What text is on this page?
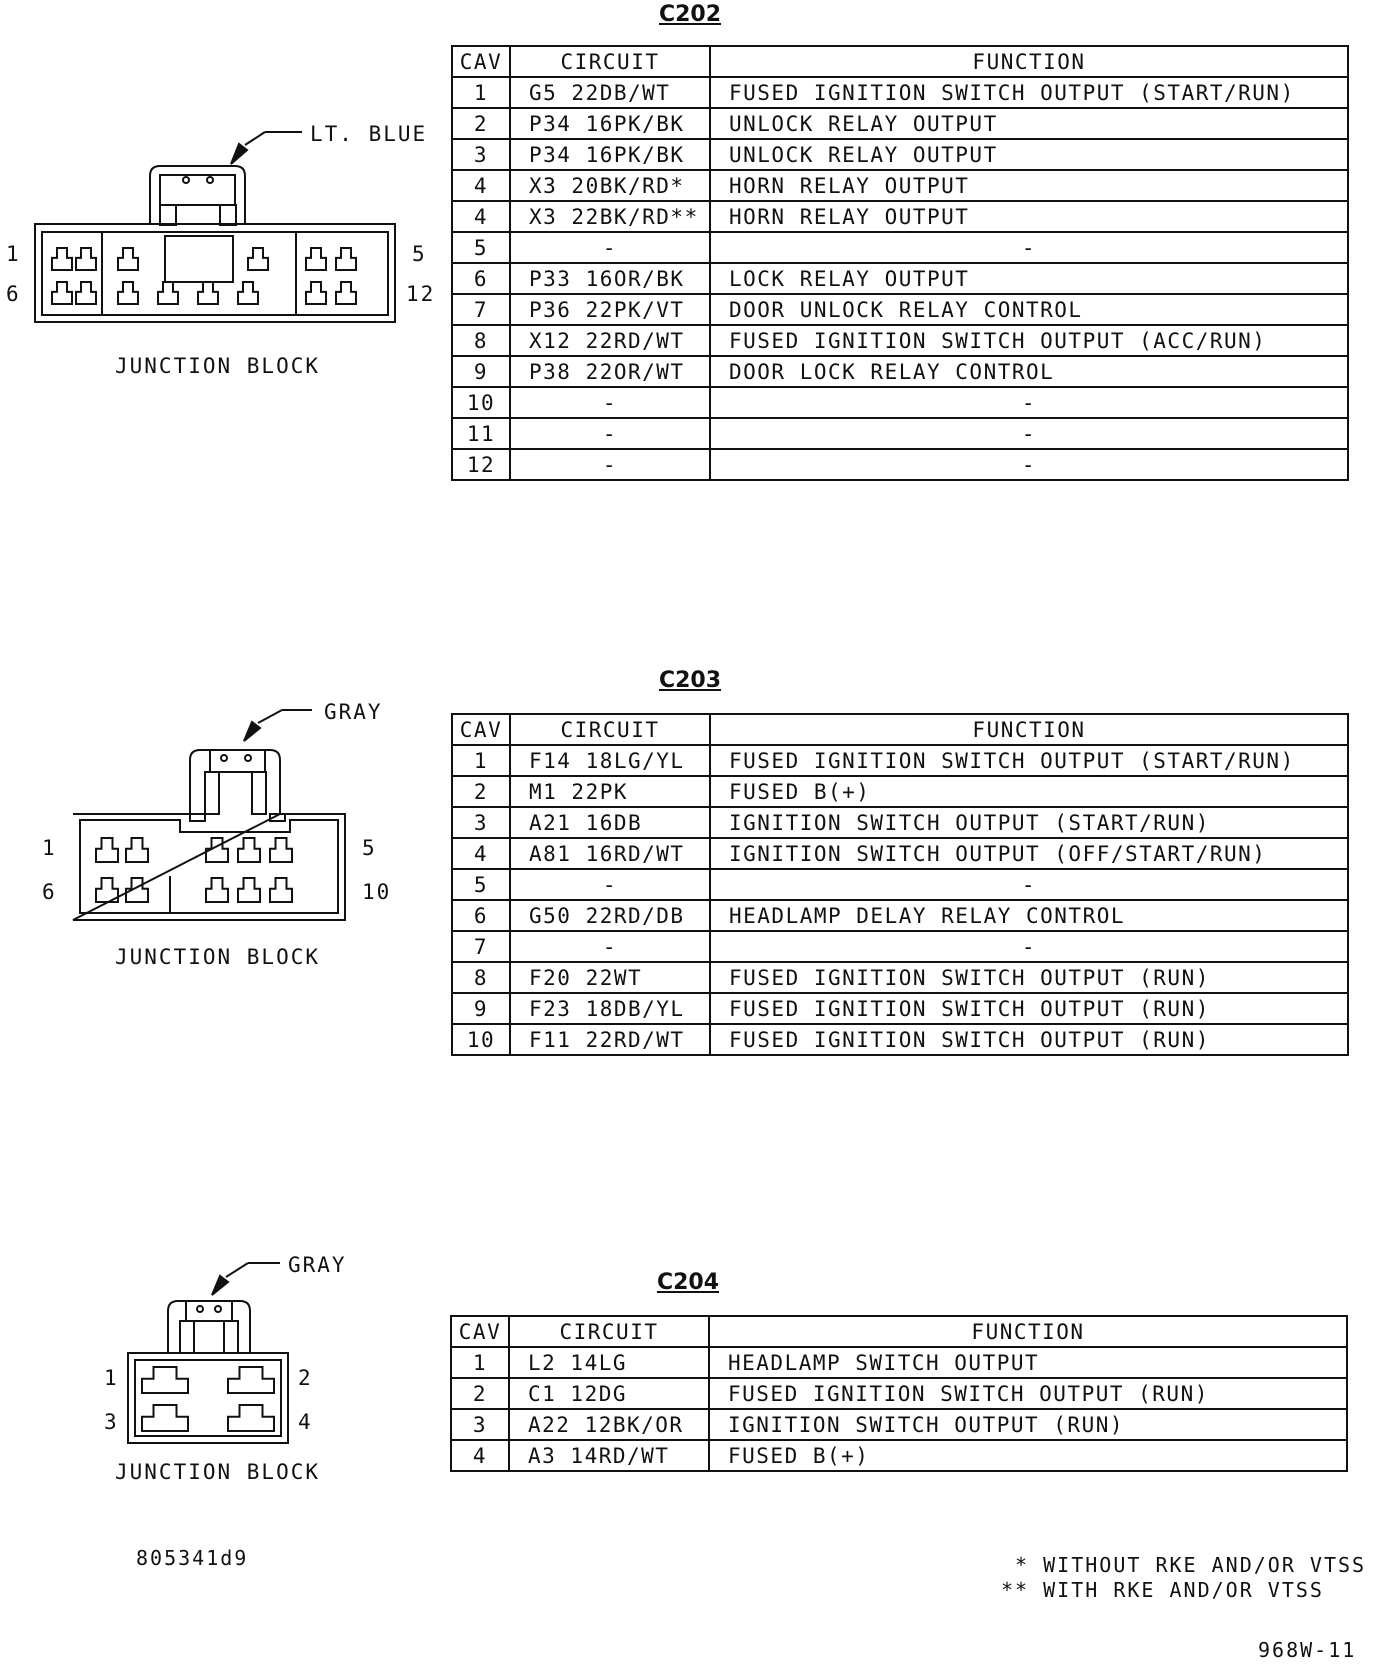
C202
LT. BLUE
1
6
5
12
JUNCTION BLOCK
CAV	CIRCUIT	FUNCTION
1	G5 22DB/WT	FUSED IGNITION SWITCH OUTPUT (START/RUN)
2	P34 16PK/BK	UNLOCK RELAY OUTPUT
3	P34 16PK/BK	UNLOCK RELAY OUTPUT
4	X3 20BK/RD*	HORN RELAY OUTPUT
4	X3 22BK/RD**	HORN RELAY OUTPUT
5	-	-
6	P33 16OR/BK	LOCK RELAY OUTPUT
7	P36 22PK/VT	DOOR UNLOCK RELAY CONTROL
8	X12 22RD/WT	FUSED IGNITION SWITCH OUTPUT (ACC/RUN)
9	P38 22OR/WT	DOOR LOCK RELAY CONTROL
10	-	-
11	-	-
12	-	-
C203
GRAY
1
6
5
10
JUNCTION BLOCK
CAV	CIRCUIT	FUNCTION
1	F14 18LG/YL	FUSED IGNITION SWITCH OUTPUT (START/RUN)
2	M1 22PK	FUSED B(+)
3	A21 16DB	IGNITION SWITCH OUTPUT (START/RUN)
4	A81 16RD/WT	IGNITION SWITCH OUTPUT (OFF/START/RUN)
5	-	-
6	G50 22RD/DB	HEADLAMP DELAY RELAY CONTROL
7	-	-
8	F20 22WT	FUSED IGNITION SWITCH OUTPUT (RUN)
9	F23 18DB/YL	FUSED IGNITION SWITCH OUTPUT (RUN)
10	F11 22RD/WT	FUSED IGNITION SWITCH OUTPUT (RUN)
C204
GRAY
1
3
2
4
JUNCTION BLOCK
CAV	CIRCUIT	FUNCTION
1	L2 14LG	HEADLAMP SWITCH OUTPUT
2	C1 12DG	FUSED IGNITION SWITCH OUTPUT (RUN)
3	A22 12BK/OR	IGNITION SWITCH OUTPUT (RUN)
4	A3 14RD/WT	FUSED B(+)
805341d9	* WITHOUT RKE AND/OR VTSS
** WITH RKE AND/OR VTSS
968W-11
